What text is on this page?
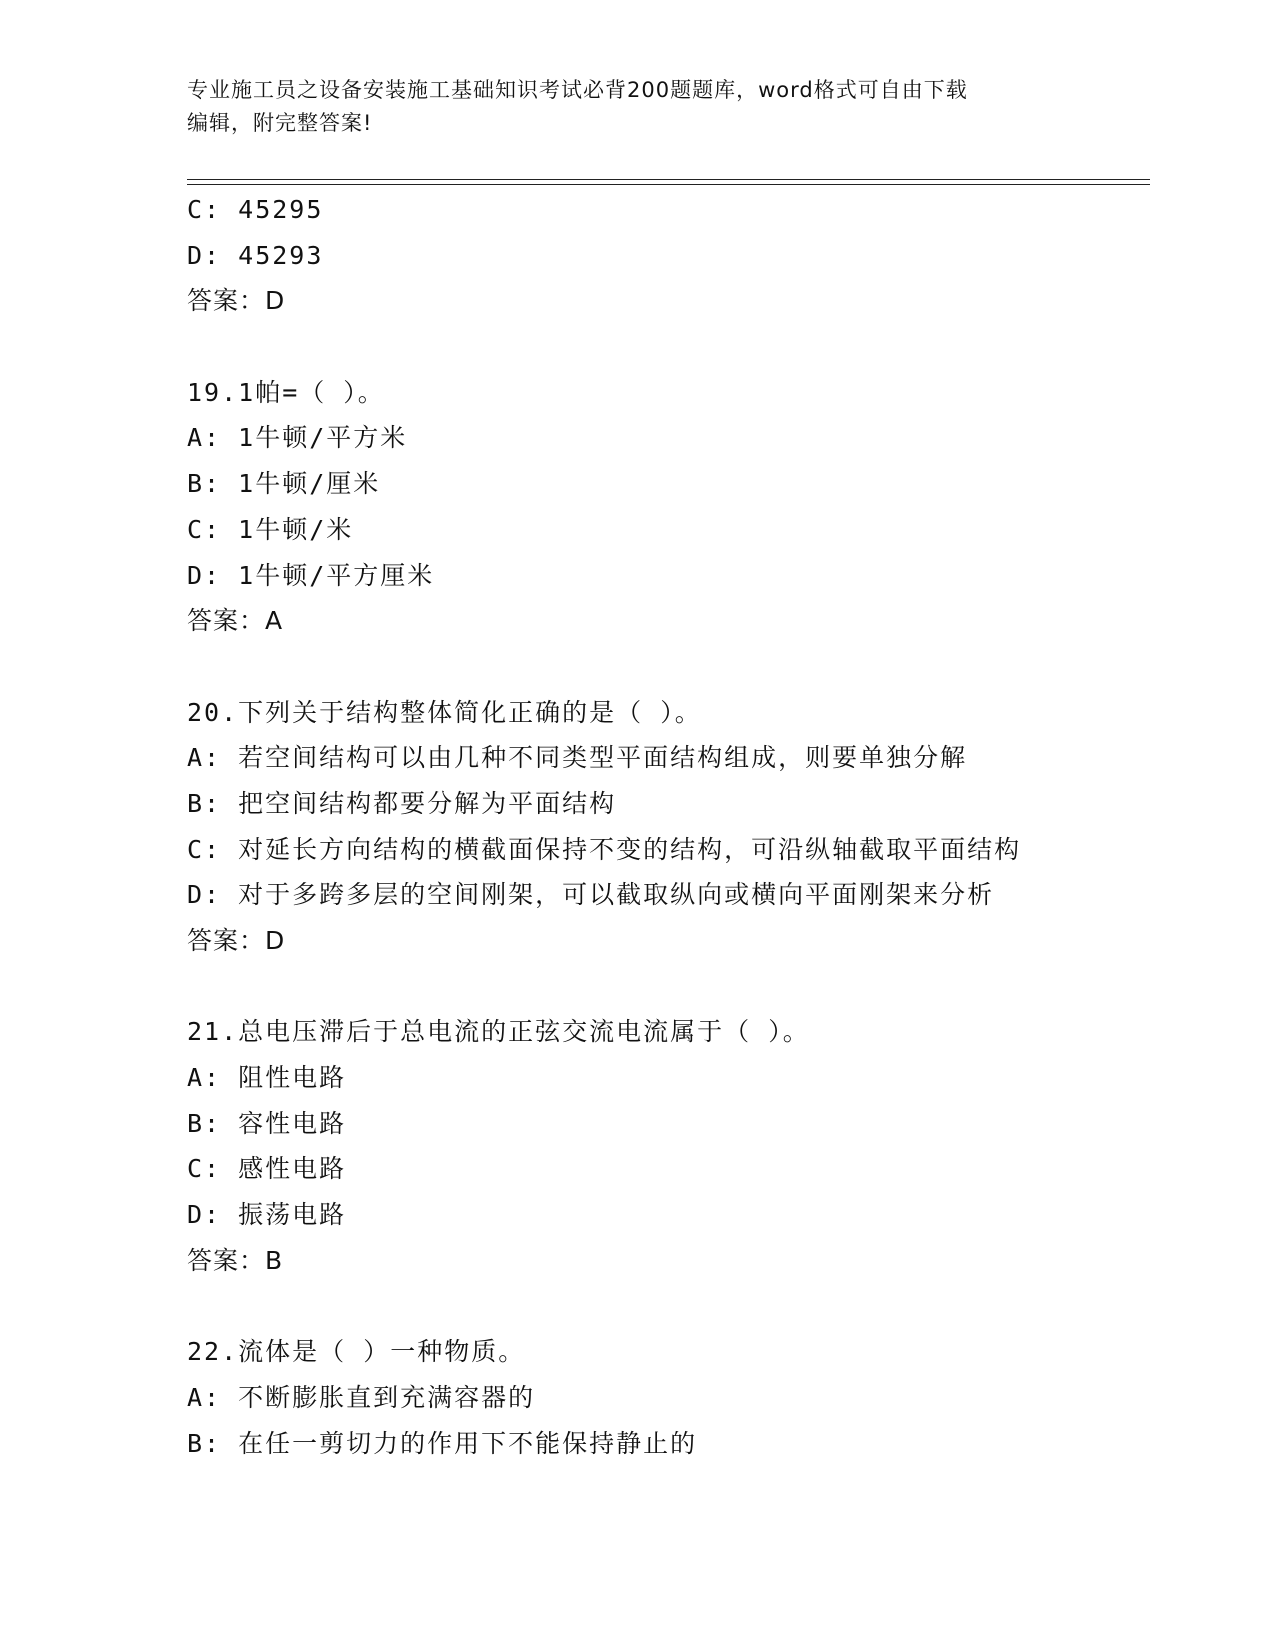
专业施工员之设备安装施工基础知识考试必背200题题库，word格式可自由下载
编辑，附完整答案!
C: 45295
D: 45293
答案：D
19.1帕=（ ）。
A: 1牛顿/平方米
B: 1牛顿/厘米
C: 1牛顿/米
D: 1牛顿/平方厘米
答案：A
20.下列关于结构整体简化正确的是（ ）。
A: 若空间结构可以由几种不同类型平面结构组成，则要单独分解
B: 把空间结构都要分解为平面结构
C: 对延长方向结构的横截面保持不变的结构，可沿纵轴截取平面结构
D: 对于多跨多层的空间刚架，可以截取纵向或横向平面刚架来分析
答案：D
21.总电压滞后于总电流的正弦交流电流属于（ ）。
A: 阻性电路
B: 容性电路
C: 感性电路
D: 振荡电路
答案：B
22.流体是（ ）一种物质。
A: 不断膨胀直到充满容器的
B: 在任一剪切力的作用下不能保持静止的
